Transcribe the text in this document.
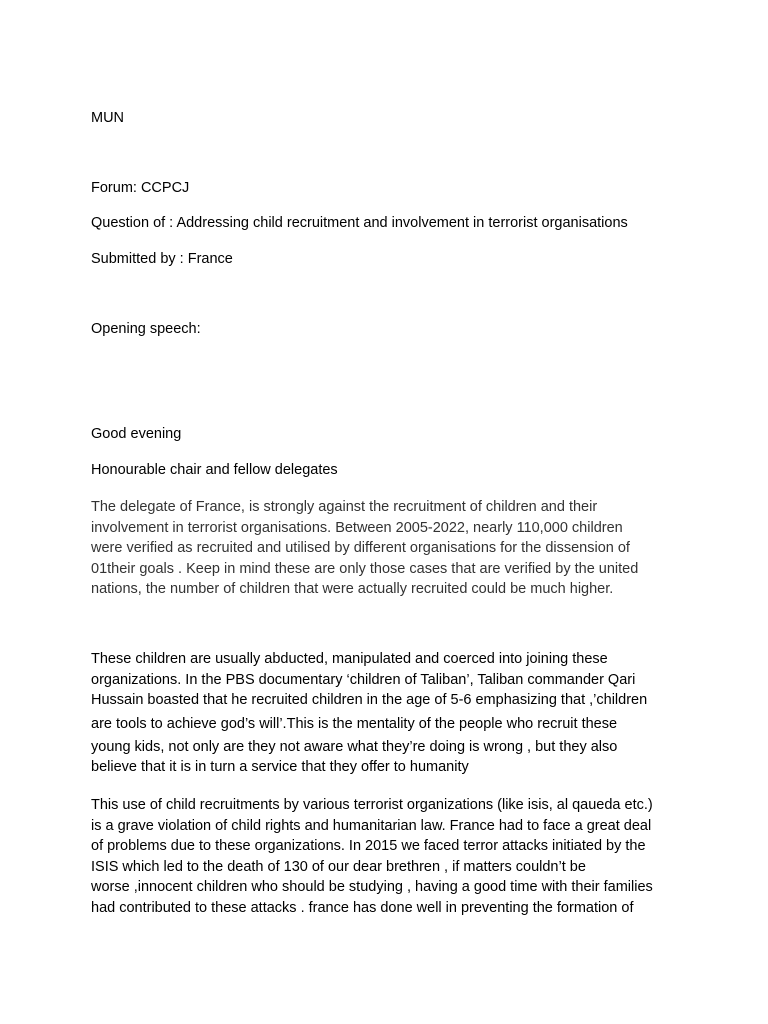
MUN

Forum: CCPCJ

Question of : Addressing child recruitment and involvement in terrorist organisations

Submitted by : France

Opening speech:

Good evening

Honourable chair and fellow delegates

The delegate of France, is strongly against the recruitment of children and their
involvement in terrorist organisations. Between 2005-2022, nearly 110,000 children
were verified as recruited and utilised by different organisations for the dissension of
01their goals . Keep in mind these are only those cases that are verified by the united
nations, the number of children that were actually recruited could be much higher.
These children are usually abducted, manipulated and coerced into joining these
organizations. In the PBS documentary ‘children of Taliban’, Taliban commander Qari
Hussain boasted that he recruited children in the age of 5-6 emphasizing that ,’children
are tools to achieve god’s will’.This is the mentality of the people who recruit these
young kids, not only are they not aware what they’re doing is wrong , but they also
believe that it is in turn a service that they offer to humanity
This use of child recruitments by various terrorist organizations (like isis, al qaueda etc.)
is a grave violation of child rights and humanitarian law. France had to face a great deal
of problems due to these organizations. In 2015 we faced terror attacks initiated by the
ISIS which led to the death of 130 of our dear brethren , if matters couldn’t be
worse ,innocent children who should be studying , having a good time with their families
had contributed to these attacks . france has done well in preventing the formation of
